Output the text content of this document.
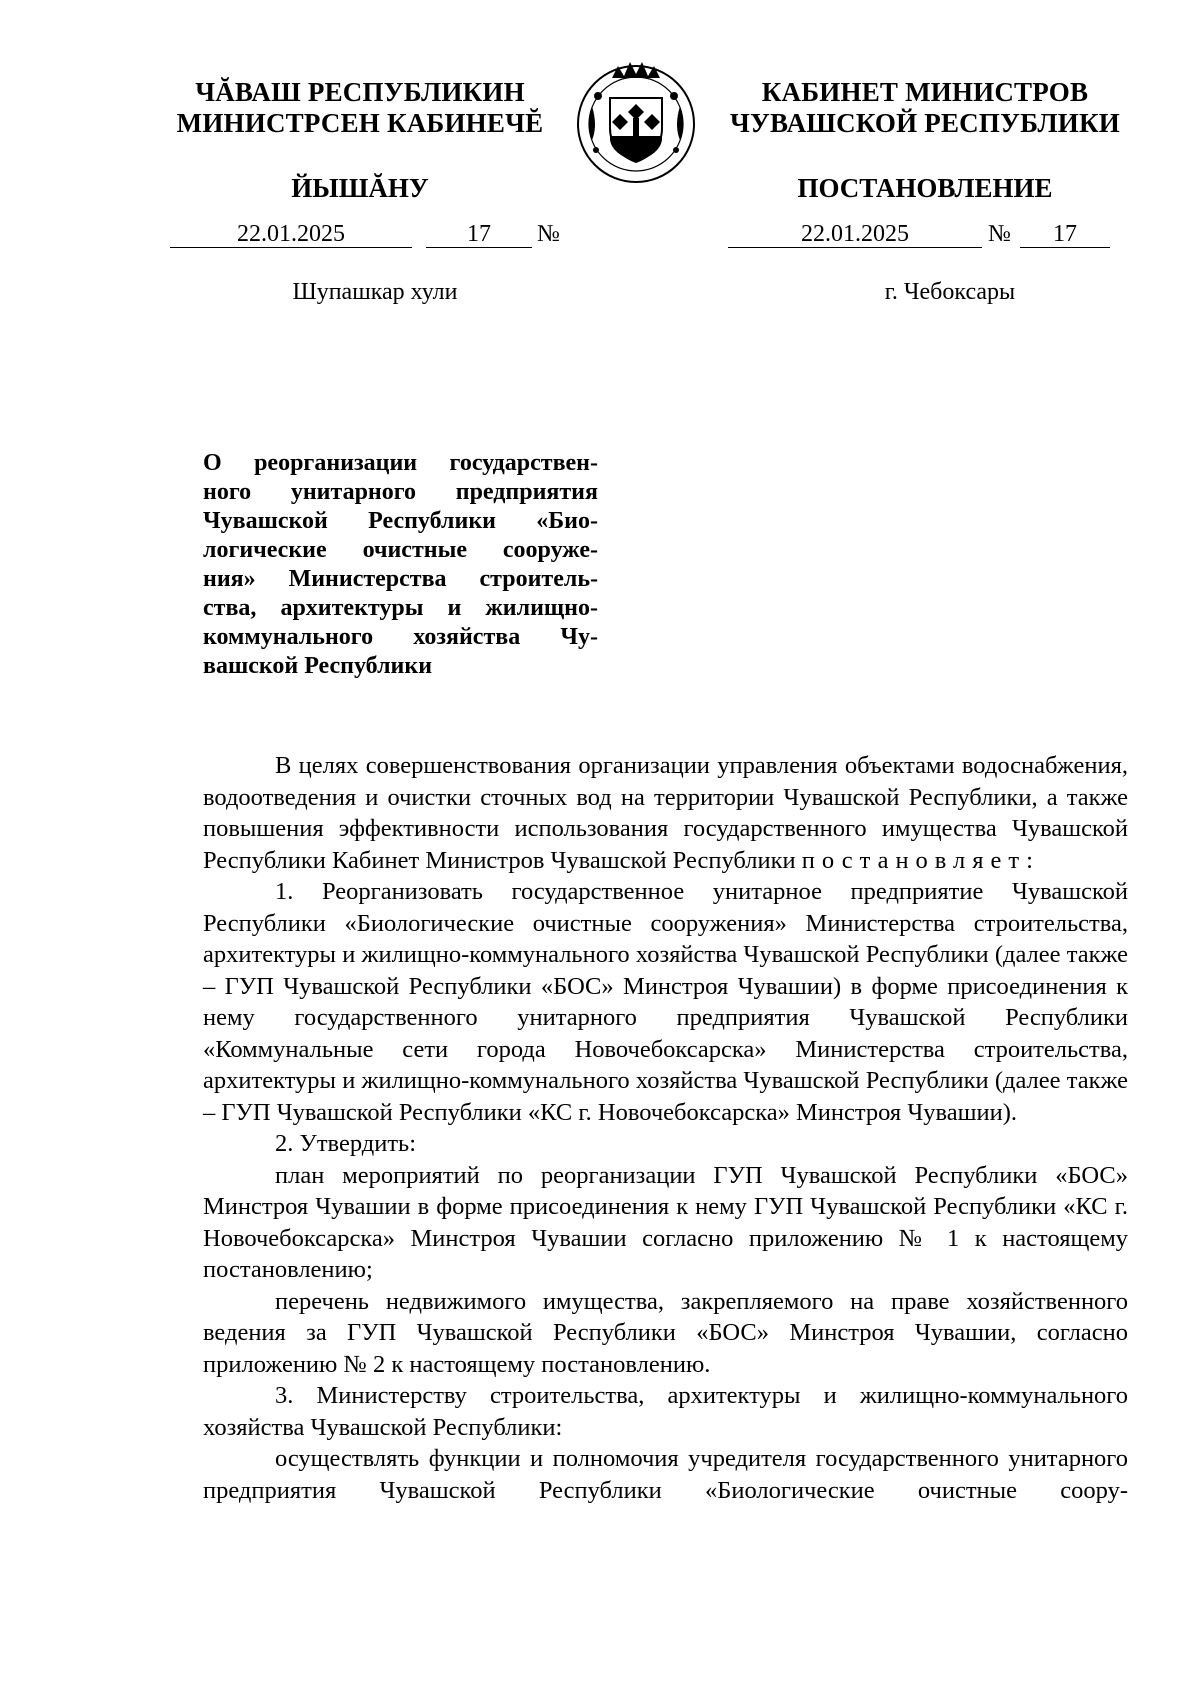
ЧĂВАШ РЕСПУБЛИКИН
МИНИСТРСЕН КАБИНЕЧĔ
ЙЫШĂНУ
КАБИНЕТ МИНИСТРОВ
ЧУВАШСКОЙ РЕСПУБЛИКИ
ПОСТАНОВЛЕНИЕ
22.01.2025	17	№	22.01.2025	№	17
Шупашкар хули	г. Чебоксары
О реорганизации государствен-
ного унитарного предприятия
Чувашской Республики «Био-
логические очистные сооруже-
ния» Министерства строитель-
ства, архитектуры и жилищно-
коммунального хозяйства Чу-
вашской Республики

В целях совершенствования организации управления объектами водоснабжения, водоотведения и очистки сточных вод на территории Чувашской Республики, а также повышения эффективности использования государственного имущества Чувашской Республики Кабинет Министров Чувашской Республики постановляет:

1. Реорганизовать государственное унитарное предприятие Чувашской Республики «Биологические очистные сооружения» Министерства строительства, архитектуры и жилищно-коммунального хозяйства Чувашской Республики (далее также – ГУП Чувашской Республики «БОС» Минстроя Чувашии) в форме присоединения к нему государственного унитарного предприятия Чувашской Республики «Коммунальные сети города Новочебоксарска» Министерства строительства, архитектуры и жилищно-коммунального хозяйства Чувашской Республики (далее также – ГУП Чувашской Республики «КС г. Новочебоксарска» Минстроя Чувашии).

2. Утвердить:

план мероприятий по реорганизации ГУП Чувашской Республики «БОС» Минстроя Чувашии в форме присоединения к нему ГУП Чувашской Республики «КС г. Новочебоксарска» Минстроя Чувашии согласно приложению № 1 к настоящему постановлению;

перечень недвижимого имущества, закрепляемого на праве хозяйственного ведения за ГУП Чувашской Республики «БОС» Минстроя Чувашии, согласно приложению № 2 к настоящему постановлению.

3. Министерству строительства, архитектуры и жилищно-коммунального хозяйства Чувашской Республики:

осуществлять функции и полномочия учредителя государственного унитарного предприятия Чувашской Республики «Биологические очистные соору-
